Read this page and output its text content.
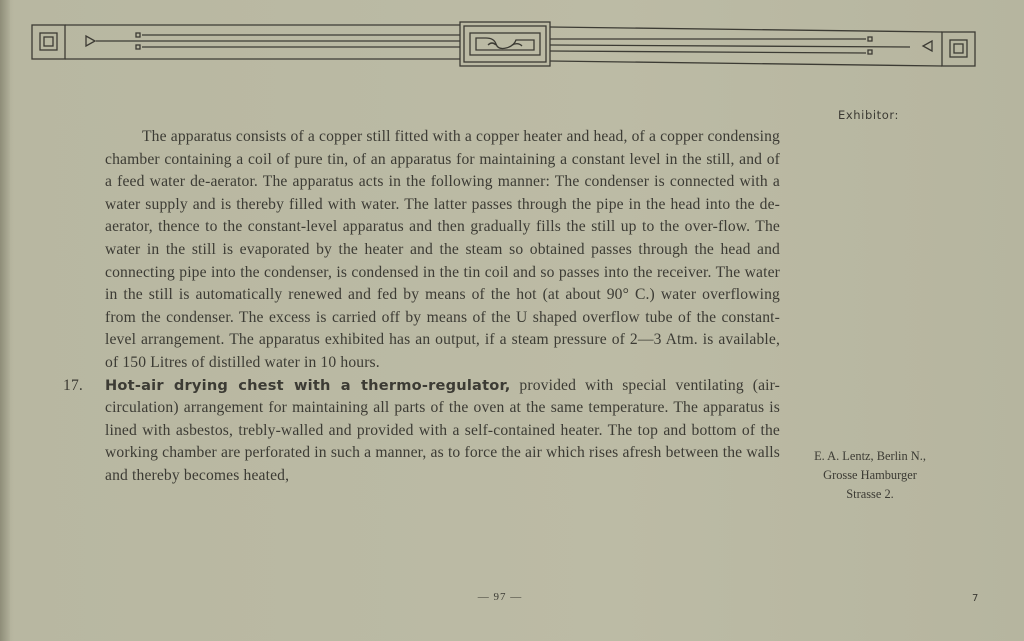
Exhibitor:

The apparatus consists of a copper still fitted with a copper heater and head, of a copper condensing chamber containing a coil of pure tin, of an apparatus for maintaining a constant level in the still, and of a feed water de-aerator. The apparatus acts in the following manner: The condenser is connected with a water supply and is thereby filled with water. The latter passes through the pipe in the head into the de-aerator, thence to the constant-level apparatus and then gradually fills the still up to the over-flow. The water in the still is evaporated by the heater and the steam so obtained passes through the head and connecting pipe into the condenser, is condensed in the tin coil and so passes into the receiver. The water in the still is automatically renewed and fed by means of the hot (at about 90° C.) water overflowing from the condenser. The excess is carried off by means of the U shaped overflow tube of the constant-level arrangement. The apparatus exhibited has an output, if a steam pressure of 2—3 Atm. is available, of 150 Litres of distilled water in 10 hours.

17. Hot-air drying chest with a thermo-regulator, provided with special ventilating (air-circulation) arrangement for maintaining all parts of the oven at the same temperature. The apparatus is lined with asbestos, trebly-walled and provided with a self-contained heater. The top and bottom of the working chamber are perforated in such a manner, as to force the air which rises afresh between the walls and thereby becomes heated,

E. A. Lentz, Berlin N.,
Grosse Hamburger
Strasse 2.
— 97 —	7
